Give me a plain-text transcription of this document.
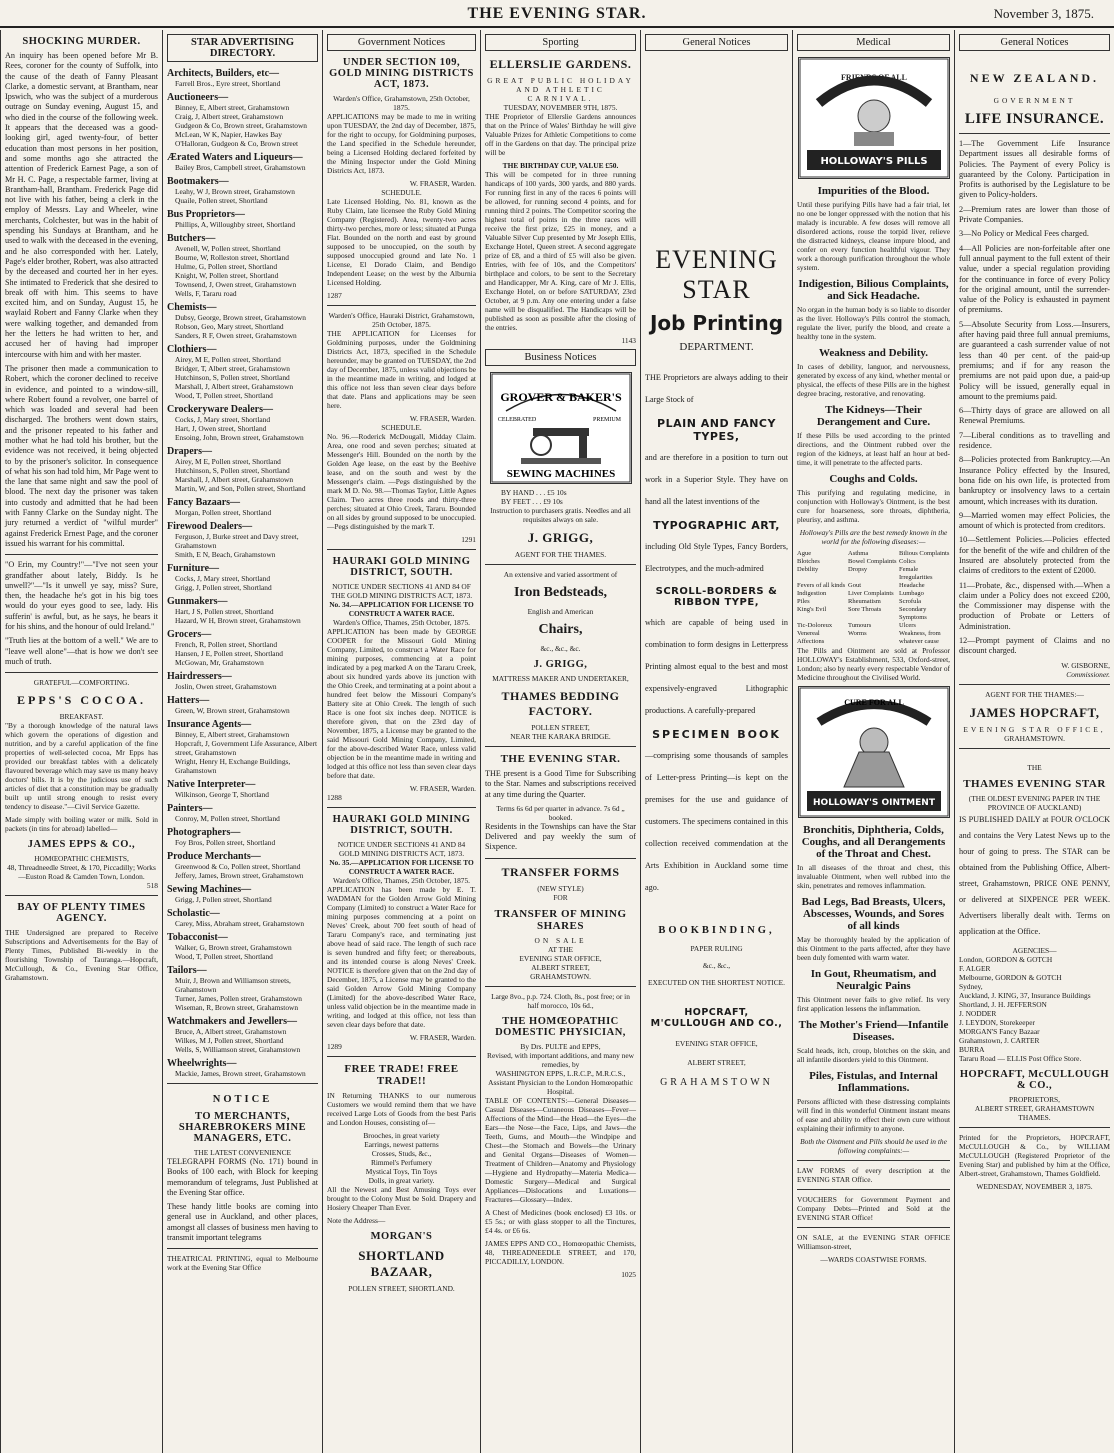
THE EVENING STAR.	November 3, 1875.
SHOCKING MURDER.

An inquiry has been opened before Mr B. Rees, coroner for the county of Suffolk, into the cause of the death of Fanny Pleasant Clarke, a domestic servant, at Brantham, near Ipswich, who was the subject of a murderous outrage on Sunday evening, August 15, and who died in the course of the following week. It appears that the deceased was a good-looking girl, aged twenty-four, of better education than most persons in her position, and some months ago she attracted the attention of Frederick Earnest Page, a son of Mr H. C. Page, a respectable farmer, living at Brantham-hall, Brantham. Frederick Page did not live with his father, being a clerk in the employ of Messrs. Lay and Wheeler, wine merchants, Colchester, but was in the habit of spending his Sundays at Brantham, and he used to walk with the deceased in the evening, and he also corresponded with her. Lately, Page's elder brother, Robert, was also attracted by the deceased and courted her in her eyes. She intimated to Frederick that she desired to break off with him. This seems to have excited him, and on Sunday, August 15, he waylaid Robert and Fanny Clarke when they were walking together, and demanded from her the letters he had written to her, and accused her of having had improper intercourse with him and with her master.

The prisoner then made a communication to Robert, which the coroner declined to receive in evidence, and pointed to a window-sill, where Robert found a revolver, one barrel of which was loaded and several had been discharged. The brothers went down stairs, and the prisoner repeated to his father and mother what he had told his brother, but the evidence was not received, it being objected to by the prisoner's solicitor. In consequence of what his son had told him, Mr Page went to the lane that same night and saw the pool of blood. The next day the prisoner was taken into custody and admitted that he had been with Fanny Clarke on the Sunday night. The jury returned a verdict of "wilful murder" against Frederick Ernest Page, and the coroner issued his warrant for his committal.

"O Erin, my Country!"—"I've not seen your grandfather about lately, Biddy. Is he unwell?"—"Is it unwell ye say, miss? Sure, then, the headache he's got in his big toes would do your eyes good to see, lady. His sufferin' is awful, but, as he says, he bears it for his shins, and the honour of ould Ireland."

"Truth lies at the bottom of a well." We are to "leave well alone"—that is how we don't see much of truth.

GRATEFUL—COMFORTING.
EPPS'S COCOA.
BREAKFAST.

"By a thorough knowledge of the natural laws which govern the operations of digestion and nutrition, and by a careful application of the fine properties of well-selected cocoa, Mr Epps has provided our breakfast tables with a delicately flavoured beverage which may save us many heavy doctors' bills. It is by the judicious use of such articles of diet that a constitution may be gradually built up until strong enough to resist every tendency to disease."—Civil Service Gazette.

Made simply with boiling water or milk. Sold in packets (in tins for abroad) labelled—

JAMES EPPS & CO.,
HOMŒOPATHIC CHEMISTS,
48, Threadneedle Street, & 170, Piccadilly; Works—Euston Road & Camden Town, London.
518
BAY OF PLENTY TIMES AGENCY.

THE Undersigned are prepared to Receive Subscriptions and Advertisements for the Bay of Plenty Times, Published Bi-weekly in the flourishing Township of Tauranga.—Hopcraft, McCullough, & Co., Evening Star Office, Grahamstown.

STAR ADVERTISING DIRECTORY.
Architects, Builders, etc—
Farrell Bros., Eyre street, Shortland
Auctioneers—
Binney, E, Albert street, Grahamstown
Craig, J, Albert street, Grahamstown
Gudgeon & Co, Brown street, Grahamstown
McLean, W K, Napier, Hawkes Bay
O'Halloran, Gudgeon & Co, Brown street
Ærated Waters and Liqueurs—
Bailey Bros, Campbell street, Grahamstown
Bootmakers—
Leahy, W J, Brown street, Grahamstown
Quaile, Pollen street, Shortland
Bus Proprietors—
Phillips, A, Willoughby street, Shortland
Butchers—
Avenell, W, Pollen street, Shortland
Bourne, W, Rolleston street, Shortland
Hulme, G, Pollen street, Shortland
Knight, W, Pollen street, Shortland
Townsend, J, Owen street, Grahamstown
Wells, F, Tararu road
Chemists—
Dubsy, George, Brown street, Grahamstown
Robson, Geo, Mary street, Shortland
Sanders, R F, Owen street, Grahamstown
Clothiers—
Airey, M E, Pollen street, Shortland
Bridger, T, Albert street, Grahamstown
Hutchinson, S, Pollen street, Shortland
Marshall, J, Albert street, Grahamstown
Wood, T, Pollen street, Shortland
Crockeryware Dealers—
Cocks, J, Mary street, Shortland
Hart, J, Owen street, Shortland
Ensoing, John, Brown street, Grahamstown
Drapers—
Airey, M E, Pollen street, Shortland
Hutchinson, S, Pollen street, Shortland
Marshall, J, Albert street, Grahamstown
Martin, W, and Son, Pollen street, Shortland
Fancy Bazaars—
Morgan, Pollen street, Shortland
Firewood Dealers—
Ferguson, J, Burke street and Davy street, Grahamstown
Smith, E N, Beach, Grahamstown
Furniture—
Cocks, J, Mary street, Shortland
Grigg, J, Pollen street, Shortland
Gunmakers—
Hart, J S, Pollen street, Shortland
Hazard, W H, Brown street, Grahamstown
Grocers—
French, R, Pollen street, Shortland
Hansen, J E, Pollen street, Shortland
McGowan, Mr, Grahamstown
Hairdressers—
Joslin, Owen street, Grahamstown
Hatters—
Green, W, Brown street, Grahamstown
Insurance Agents—
Binney, E, Albert street, Grahamstown
Hopcraft, J, Government Life Assurance, Albert street, Grahamstown
Wright, Henry H, Exchange Buildings, Grahamstown
Native Interpreter—
Wilkinson, George T, Shortland
Painters—
Conroy, M, Pollen street, Shortland
Photographers—
Foy Bros, Pollen street, Shortland
Produce Merchants—
Greenwood & Co, Pollen street, Shortland
Jeffery, James, Brown street, Grahamstown
Sewing Machines—
Grigg, J, Pollen street, Shortland
Scholastic—
Carey, Miss, Abraham street, Grahamstown
Tobacconist—
Walker, G, Brown street, Grahamstown
Wood, T, Pollen street, Shortland
Tailors—
Muir, J, Brown and Williamson streets, Grahamstown
Turner, James, Pollen street, Grahamstown
Wiseman, R, Brown street, Grahamstown
Watchmakers and Jewellers—
Bruce, A, Albert street, Grahamstown
Wilkes, M J, Pollen street, Shortland
Wells, S, Williamson street, Grahamstown
Wheelwrights—
Mackie, James, Brown street, Grahamstown
NOTICE
TO MERCHANTS, SHAREBROKERS MINE MANAGERS, ETC.
THE LATEST CONVENIENCE

TELEGRAPH FORMS (No. 171) bound in Books of 100 each, with Block for keeping memorandum of telegrams, Just Published at the Evening Star office.

These handy little books are coming into general use in Auckland, and other places, amongst all classes of business men having to transmit important telegrams

THEATRICAL PRINTING, equal to Melbourne work at the Evening Star Office

Government Notices
UNDER SECTION 109, GOLD MINING DISTRICTS ACT, 1873.
Warden's Office, Grahamstown, 25th October, 1875.

APPLICATIONS may be made to me in writing upon TUESDAY, the 2nd day of December, 1875, for the right to occupy, for Goldmining purposes, the Land specified in the Schedule hereunder, being a Licensed Holding declared forfeited by the Mining Inspector under the Gold Mining Districts Act, 1873.

W. FRASER, Warden.
SCHEDULE.

Late Licensed Holding, No. 81, known as the Ruby Claim, late licensee the Ruby Gold Mining Company (Registered). Area, twenty-two acres thirty-two perches, more or less; situated at Punga Flat. Bounded on the north and east by ground supposed to be unoccupied, on the south by supposed unoccupied ground and late No. 1 License, El Dorado Claim, and Bendigo Independent Lease; on the west by the Alburnia Licensed Holding.

1287
Warden's Office, Hauraki District, Grahamstown, 25th October, 1875.

THE APPLICATION for Licenses for Goldmining purposes, under the Goldmining Districts Act, 1873, specified in the Schedule hereunder, may be granted on TUESDAY, the 2nd day of December, 1875, unless valid objections be in the meantime made in writing, and lodged at this office not less than seven clear days before that date. Plans and applications may be seen here.

W. FRASER, Warden.
SCHEDULE.

No. 96.—Roderick McDougall, Midday Claim. Area, one rood and seven perches; situated at Messenger's Hill. Bounded on the north by the Golden Age lease, on the east by the Beehive lease, and on the south and west by the Messenger's claim. —Pegs distinguished by the mark M D. No. 98.—Thomas Taylor, Little Agnes Claim. Two acres three roods and thirty-three perches; situated at Ohio Creek, Tararu. Bounded on all sides by ground supposed to be unoccupied.—Pegs distinguished by the mark T.

1291
HAURAKI GOLD MINING DISTRICT, SOUTH.
NOTICE UNDER SECTIONS 41 AND 84 OF THE GOLD MINING DISTRICTS ACT, 1873.
No. 34.—APPLICATION FOR LICENSE TO CONSTRUCT A WATER RACE.
Warden's Office, Thames, 25th October, 1875.

APPLICATION has been made by GEORGE COOPER for the Missouri Gold Mining Company, Limited, to construct a Water Race for mining purposes, commencing at a point indicated by a peg marked A on the Tararu Creek, about six hundred yards above its junction with the Ohio Creek, and terminating at a point about a hundred feet below the Missouri Company's Battery site at Ohio Creek. The length of such Race is one foot six inches deep. NOTICE is therefore given, that on the 23rd day of November, 1875, a License may be granted to the said Missouri Gold Mining Company, Limited, for the above-described Water Race, unless valid objection be in the meantime made in writing and lodged at this office not less than seven clear days before that date.

W. FRASER, Warden.
1288
HAURAKI GOLD MINING DISTRICT, SOUTH.
NOTICE UNDER SECTIONS 41 AND 84 GOLD MINING DISTRICTS ACT, 1873.
No. 35.—APPLICATION FOR LICENSE TO CONSTRUCT A WATER RACE.
Warden's Office, Thames, 25th October, 1875.

APPLICATION has been made by E. T. WADMAN for the Golden Arrow Gold Mining Company (Limited) to construct a Water Race for mining purposes commencing at a point on Neves' Creek, about 700 feet south of head of Tararu Company's race, and terminating just above head of said race. The length of such race is seven hundred and fifty feet; or thereabouts, and its intended course is along Neves' Creek. NOTICE is therefore given that on the 2nd day of December, 1875, a License may be granted to the said Golden Arrow Gold Mining Company (Limited) for the above-described Water Race, unless valid objection be in the meantime made in writing, and lodged at this office, not less than seven clear days before that date.

W. FRASER, Warden.
1289
FREE TRADE! FREE TRADE!!

IN Returning THANKS to our numerous Customers we would remind them that we have received Large Lots of Goods from the best Paris and London Houses, consisting of—

Brooches, in great variety
Earrings, newest patterns
Crosses, Studs, &c.,
Rimmel's Perfumery
Mystical Toys, Tin Toys
Dolls, in great variety.

All the Newest and Best Amusing Toys ever brought to the Colony Must be Sold. Drapery and Hosiery Cheaper Than Ever.

Note the Address—
MORGAN'S
SHORTLAND BAZAAR,
POLLEN STREET, SHORTLAND.
Sporting
ELLERSLIE GARDENS.
GREAT PUBLIC HOLIDAY AND ATHLETIC CARNIVAL.
TUESDAY, NOVEMBER 9TH, 1875.

THE Proprietor of Ellerslie Gardens announces that on the Prince of Wales' Birthday he will give Valuable Prizes for Athletic Competitions to come off in the Gardens on that day. The principal prize will be

THE BIRTHDAY CUP, VALUE £50.

This will be competed for in three running handicaps of 100 yards, 300 yards, and 880 yards. For running first in any of the races 6 points will be allowed, for running second 4 points, and for running third 2 points. The Competitor scoring the highest total of points in the three races will receive the first prize, £25 in money, and a Valuable Silver Cup presented by Mr Joseph Ellis, Exchange Hotel, Queen street. A second aggregate prize of £8, and a third of £5 will also be given. Entries, with fee of 10s, and the Competitors' birthplace and colors, to be sent to the Secretary and Handicapper, Mr A. King, care of Mr J. Ellis, Exchange Hotel, on or before SATURDAY, 23rd October, at 9 p.m. Any one entering under a false name will be disqualified. The Handicaps will be published as soon as possible after the closing of the entries.

1143
Business Notices
GROVER & BAKER'S
CELEBRATED	PREMIUM
SEWING MACHINES
BY HAND . . . £5 10s
BY FEET . . . £9 10s

Instruction to purchasers gratis. Needles and all requisites always on sale.

J. GRIGG,
AGENT FOR THE THAMES.
An extensive and varied assortment of
Iron Bedsteads,
English and American
Chairs,
&c., &c., &c.
J. GRIGG,
MATTRESS MAKER AND UNDERTAKER,
THAMES BEDDING FACTORY.
POLLEN STREET,
NEAR THE KARAKA BRIDGE.
THE EVENING STAR.

THE present is a Good Time for Subscribing to the Star. Names and subscriptions received at any time during the Quarter.

Terms 6s 6d per quarter in advance. 7s 6d „ booked.

Residents in the Townships can have the Star Delivered and pay weekly the sum of Sixpence.

TRANSFER FORMS
(NEW STYLE)
FOR
TRANSFER OF MINING SHARES
ON SALE
AT THE
EVENING STAR OFFICE,
ALBERT STREET,
GRAHAMSTOWN.
Large 8vo., p.p. 724. Cloth, 8s., post free; or in half morocco, 10s 6d.,
THE HOMŒOPATHIC DOMESTIC PHYSICIAN,
By Drs. PULTE and EPPS,
Revised, with important additions, and many new remedies, by
WASHINGTON EPPS, L.R.C.P., M.R.C.S.,
Assistant Physician to the London Homœopathic Hospital.

TABLE OF CONTENTS:—General Diseases—Casual Diseases—Cutaneous Diseases—Fever—Affections of the Mind—the Head—the Eyes—the Ears—the Nose—the Face, Lips, and Jaws—the Teeth, Gums, and Mouth—the Windpipe and Chest—the Stomach and Bowels—the Urinary and Genital Organs—Diseases of Women—Treatment of Children—Anatomy and Physiology—Hygiene and Hydropathy—Materia Medica—Domestic Surgery—Medical and Surgical Appliances—Dislocations and Luxations—Fractures—Glossary—Index.

A Chest of Medicines (book enclosed) £3 10s. or £5 5s.; or with glass stopper to all the Tinctures, £4 4s. or £6 6s.

JAMES EPPS AND CO., Homœopathic Chemists, 48, THREADNEEDLE STREET, and 170, PICCADILLY, LONDON.

1025
General Notices
EVENING STAR
Job Printing
DEPARTMENT.

THE Proprietors are always adding to their Large Stock of

PLAIN AND FANCY TYPES,

and are therefore in a position to turn out work in a Superior Style. They have on hand all the latest inventions of the

TYPOGRAPHIC ART,

including Old Style Types, Fancy Borders, Electrotypes, and the much-admired

SCROLL-BORDERS & RIBBON TYPE,

which are capable of being used in combination to form designs in Letterpress Printing almost equal to the best and most expensively-engraved Lithographic productions. A carefully-prepared

SPECIMEN BOOK

—comprising some thousands of samples of Letter-press Printing—is kept on the premises for the use and guidance of customers. The specimens contained in this collection received commendation at the Arts Exhibition in Auckland some time ago.

BOOKBINDING,
PAPER RULING
&c., &c.,
EXECUTED ON THE SHORTEST NOTICE.
HOPCRAFT, M'CULLOUGH AND CO.,
EVENING STAR OFFICE,
ALBERT STREET,
GRAHAMSTOWN
Medical
FRIENDS OF ALL
HOLLOWAY'S PILLS
Impurities of the Blood.

Until these purifying Pills have had a fair trial, let no one be longer oppressed with the notion that his malady is incurable. A few doses will remove all disordered actions, rouse the torpid liver, relieve the distracted kidneys, cleanse impure blood, and confer on every function healthful vigour. They work a thorough purification throughout the whole system.

Indigestion, Bilious Complaints, and Sick Headache.

No organ in the human body is so liable to disorder as the liver. Holloway's Pills control the stomach, regulate the liver, purify the blood, and create a healthy tone in the system.

Weakness and Debility.

In cases of debility, languor, and nervousness, generated by excess of any kind, whether mental or physical, the effects of these Pills are in the highest degree bracing, restorative, and renovating.

The Kidneys—Their Derangement and Cure.

If these Pills be used according to the printed directions, and the Ointment rubbed over the region of the kidneys, at least half an hour at bed-time, it will penetrate to the affected parts.

Coughs and Colds.

This purifying and regulating medicine, in conjunction with Holloway's Ointment, is the best cure for hoarseness, sore throats, diphtheria, pleurisy, and asthma.

Holloway's Pills are the best remedy known in the world for the following diseases:—

Ague	Asthma	Bilious Complaints
Blotches	Bowel Complaints Colics
Debility	Dropsy	Female Irregularities
Fevers of all kinds Gout	Headache
Indigestion	Liver Complaints Lumbago
Piles	Rheumatism	Scrofula
King's Evil	Sore Throats	Secondary Symptoms
Tic-Doloreux	Tumours	Ulcers
Venereal Affections
Worms	Weakness, from whatever cause

The Pills and Ointment are sold at Professor HOLLOWAY's Establishment, 533, Oxford-street, London; also by nearly every respectable Vendor of Medicine throughout the Civilised World.

CURE FOR ALL
HOLLOWAY'S OINTMENT
Bronchitis, Diphtheria, Colds, Coughs, and all Derangements of the Throat and Chest.

In all diseases of the throat and chest, this invaluable Ointment, when well rubbed into the skin, penetrates and removes inflammation.

Bad Legs, Bad Breasts, Ulcers, Abscesses, Wounds, and Sores of all kinds

May be thoroughly healed by the application of this Ointment to the parts affected, after they have been duly fomented with warm water.

In Gout, Rheumatism, and Neuralgic Pains

This Ointment never fails to give relief. Its very first application lessens the inflammation.

The Mother's Friend—Infantile Diseases.

Scald heads, itch, croup, blotches on the skin, and all infantile disorders yield to this Ointment.

Piles, Fistulas, and Internal Inflammations.

Persons afflicted with these distressing complaints will find in this wonderful Ointment instant means of ease and ability to effect their own cure without explaining their infirmity to anyone.

Both the Ointment and Pills should be used in the following complaints:—

LAW FORMS of every description at the EVENING STAR Office.

VOUCHERS for Government Payment and Company Debts—Printed and Sold at the EVENING STAR Office!

ON SALE, at the EVENING STAR OFFICE Williamson-street,

—WARDS COASTWISE FORMS.
General Notices
NEW ZEALAND.
GOVERNMENT
LIFE INSURANCE.

1—The Government Life Insurance Department issues all desirable forms of Policies. The Payment of every Policy is guaranteed by the Colony. Participation in Profits is authorised by the Legislature to be given to Policy-holders.

2—Premium rates are lower than those of Private Companies.

3—No Policy or Medical Fees charged.

4—All Policies are non-forfeitable after one full annual payment to the full extent of their value, under a special regulation providing for the continuance in force of every Policy for the original amount, until the surrender-value of the Policy is exhausted in payment of premiums.

5—Absolute Security from Loss.—Insurers, after having paid three full annual premiums, are guaranteed a cash surrender value of not less than 40 per cent. of the paid-up premiums; and if for any reason the premiums are not paid upon due, a paid-up Policy will be issued, generally equal in amount to the premiums paid.

6—Thirty days of grace are allowed on all Renewal Premiums.

7—Liberal conditions as to travelling and residence.

8—Policies protected from Bankruptcy.—An Insurance Policy effected by the Insured, bona fide on his own life, is protected from bankruptcy or insolvency laws to a certain amount, which increases with its duration.

9—Married women may effect Policies, the amount of which is protected from creditors.

10—Settlement Policies.—Policies effected for the benefit of the wife and children of the Insured are absolutely protected from the claims of creditors to the extent of £2000.

11—Probate, &c., dispensed with.—When a claim under a Policy does not exceed £200, the Commissioner may dispense with the production of Probate or Letters of Administration.

12—Prompt payment of Claims and no discount charged.

W. GISBORNE,
Commissioner.
AGENT FOR THE THAMES:—
JAMES HOPCRAFT,
EVENING STAR OFFICE,
GRAHAMSTOWN.
THE
THAMES EVENING STAR
(THE OLDEST EVENING PAPER IN THE PROVINCE OF AUCKLAND)

IS PUBLISHED DAILY at FOUR O'CLOCK and contains the Very Latest News up to the hour of going to press. The STAR can be obtained from the Publishing Office, Albert-street, Grahamstown, PRICE ONE PENNY, or delivered at SIXPENCE PER WEEK. Advertisers liberally dealt with. Terms on application at the Office.

AGENCIES—
London, GORDON & GOTCH
F. ALGER
Melbourne, GORDON & GOTCH
Sydney,
Auckland, J. KING, 37, Insurance Buildings
Shortland, J. H. JEFFERSON
J. NODDER
J. LEYDON, Storekeeper
MORGAN'S Fancy Bazaar
Grahamstown, J. CARTER
BURRA
Tararu Road — ELLIS Post Office Store.
HOPCRAFT, McCULLOUGH & CO.,
PROPRIETORS,
ALBERT STREET, GRAHAMSTOWN THAMES.

Printed for the Proprietors, HOPCRAFT, McCULLOUGH & Co., by WILLIAM McCULLOUGH (Registered Proprietor of the Evening Star) and published by him at the Office, Albert-street, Grahamstown, Thames Goldfield.

WEDNESDAY, NOVEMBER 3, 1875.
